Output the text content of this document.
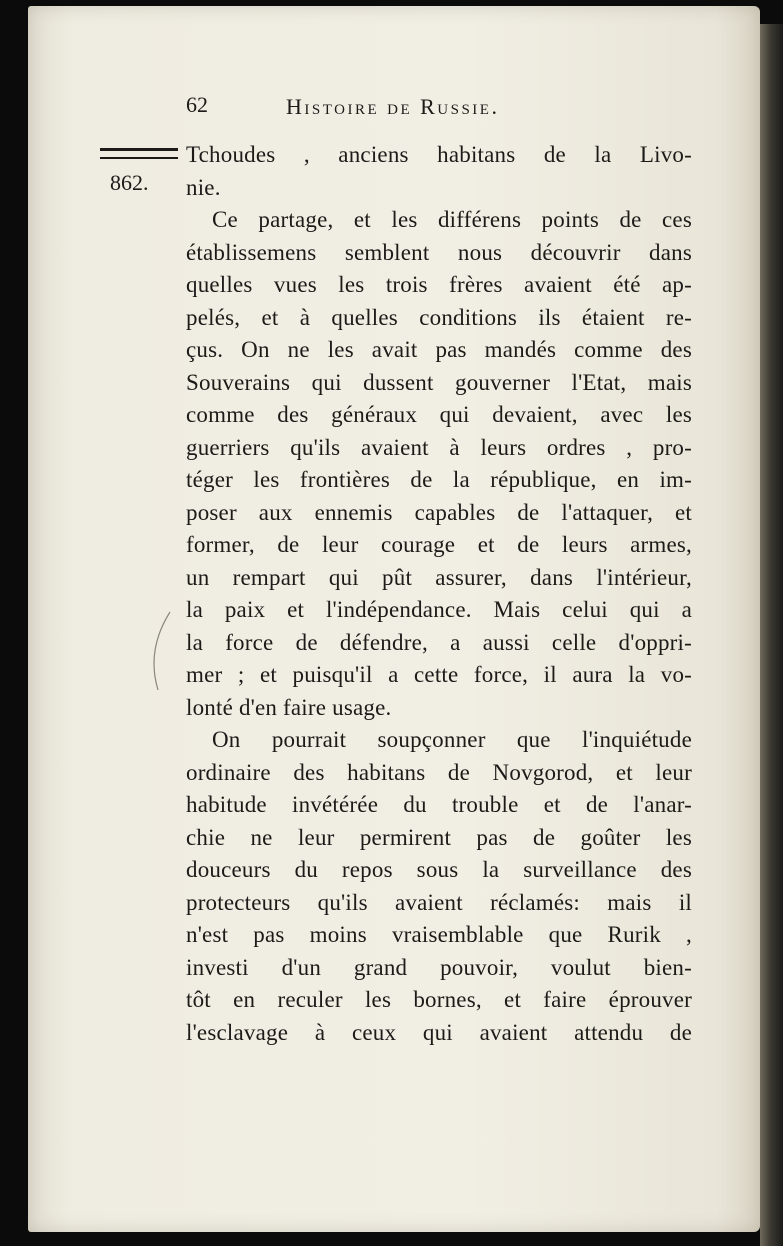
62	Histoire de Russie.
862.
Tchoudes , anciens habitans de la Livo-
nie.
Ce partage, et les différens points de ces
établissemens semblent nous découvrir dans
quelles vues les trois frères avaient été ap-
pelés, et à quelles conditions ils étaient re-
çus. On ne les avait pas mandés comme des
Souverains qui dussent gouverner l'Etat, mais
comme des généraux qui devaient, avec les
guerriers qu'ils avaient à leurs ordres , pro-
téger les frontières de la république, en im-
poser aux ennemis capables de l'attaquer, et
former, de leur courage et de leurs armes,
un rempart qui pût assurer, dans l'intérieur,
la paix et l'indépendance. Mais celui qui a
la force de défendre, a aussi celle d'oppri-
mer ; et puisqu'il a cette force, il aura la vo-
lonté d'en faire usage.
On pourrait soupçonner que l'inquiétude
ordinaire des habitans de Novgorod, et leur
habitude invétérée du trouble et de l'anar-
chie ne leur permirent pas de goûter les
douceurs du repos sous la surveillance des
protecteurs qu'ils avaient réclamés: mais il
n'est pas moins vraisemblable que Rurik ,
investi d'un grand pouvoir, voulut bien-
tôt en reculer les bornes, et faire éprouver
l'esclavage à ceux qui avaient attendu de
